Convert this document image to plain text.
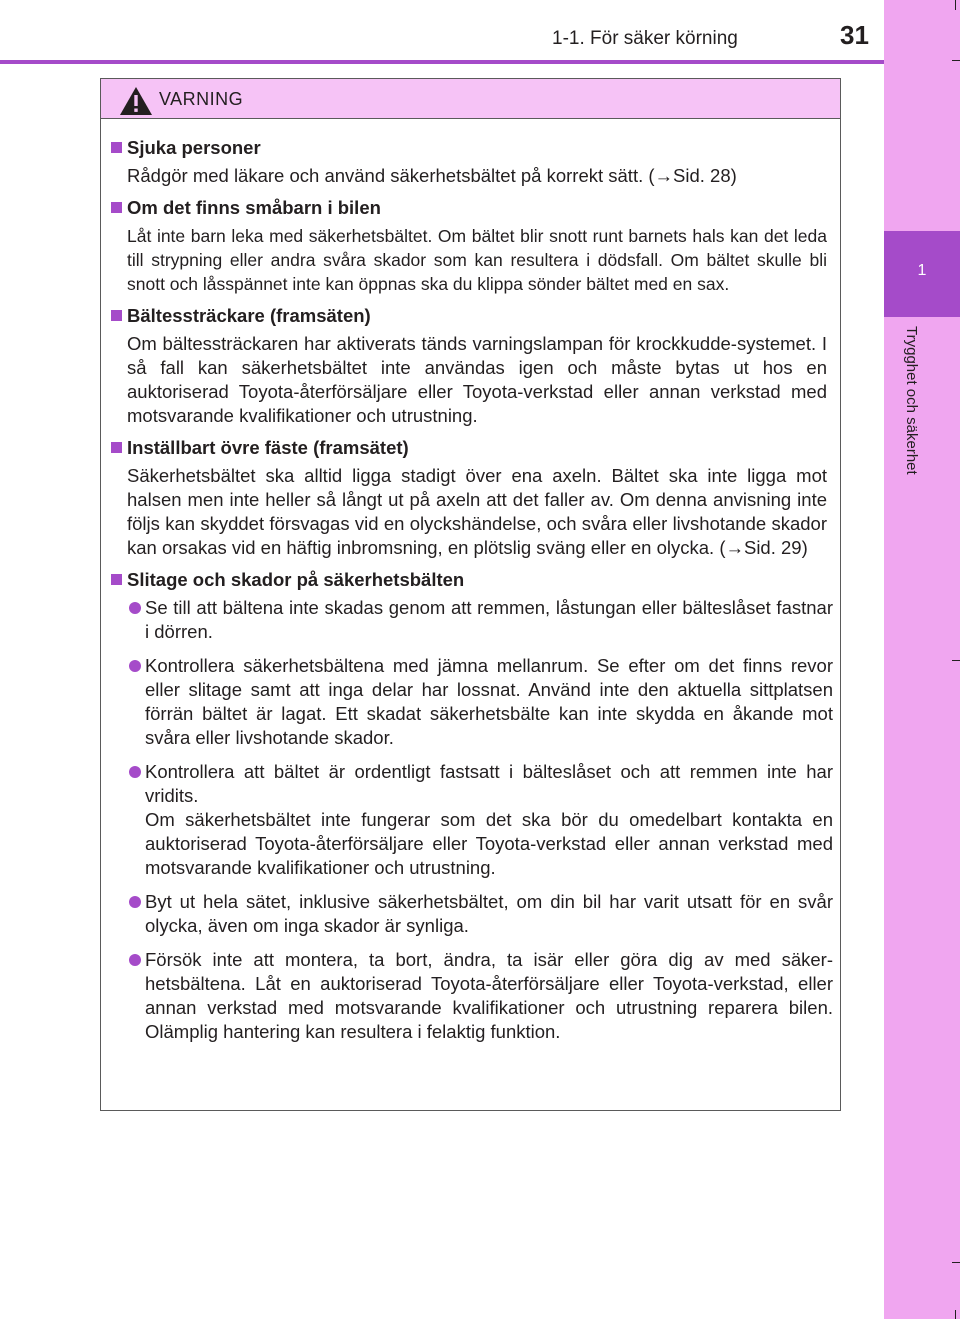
1-1. För säker körning	31
1
Trygghet och säkerhet
VARNING
Sjuka personer
Rådgör med läkare och använd säkerhetsbältet på korrekt sätt. (→Sid. 28)
Om det finns småbarn i bilen
Låt inte barn leka med säkerhetsbältet. Om bältet blir snott runt barnets hals kan det leda till strypning eller andra svåra skador som kan resultera i dödsfall. Om bältet skulle bli snott och låsspännet inte kan öppnas ska du klippa sönder bältet med en sax.
Bältessträckare (framsäten)
Om bältessträckaren har aktiverats tänds varningslampan för krockkudde-systemet. I så fall kan säkerhetsbältet inte användas igen och måste bytas ut hos en auktoriserad Toyota-återförsäljare eller Toyota-verkstad eller annan verkstad med motsvarande kvalifikationer och utrustning.
Inställbart övre fäste (framsätet)
Säkerhetsbältet ska alltid ligga stadigt över ena axeln. Bältet ska inte ligga mot halsen men inte heller så långt ut på axeln att det faller av. Om denna anvisning inte följs kan skyddet försvagas vid en olyckshändelse, och svåra eller livshotande skador kan orsakas vid en häftig inbromsning, en plötslig sväng eller en olycka. (→Sid. 29)
Slitage och skador på säkerhetsbälten
Se till att bältena inte skadas genom att remmen, låstungan eller bälteslåset fastnar i dörren.
Kontrollera säkerhetsbältena med jämna mellanrum. Se efter om det finns revor eller slitage samt att inga delar har lossnat. Använd inte den aktuella sittplatsen förrän bältet är lagat. Ett skadat säkerhetsbälte kan inte skydda en åkande mot svåra eller livshotande skador.
Kontrollera att bältet är ordentligt fastsatt i bälteslåset och att remmen inte har vridits.
Om säkerhetsbältet inte fungerar som det ska bör du omedelbart kontakta en auktoriserad Toyota-återförsäljare eller Toyota-verkstad eller annan verkstad med motsvarande kvalifikationer och utrustning.
Byt ut hela sätet, inklusive säkerhetsbältet, om din bil har varit utsatt för en svår olycka, även om inga skador är synliga.
Försök inte att montera, ta bort, ändra, ta isär eller göra dig av med säker-hetsbältena. Låt en auktoriserad Toyota-återförsäljare eller Toyota-verkstad, eller annan verkstad med motsvarande kvalifikationer och utrustning reparera bilen. Olämplig hantering kan resultera i felaktig funktion.
